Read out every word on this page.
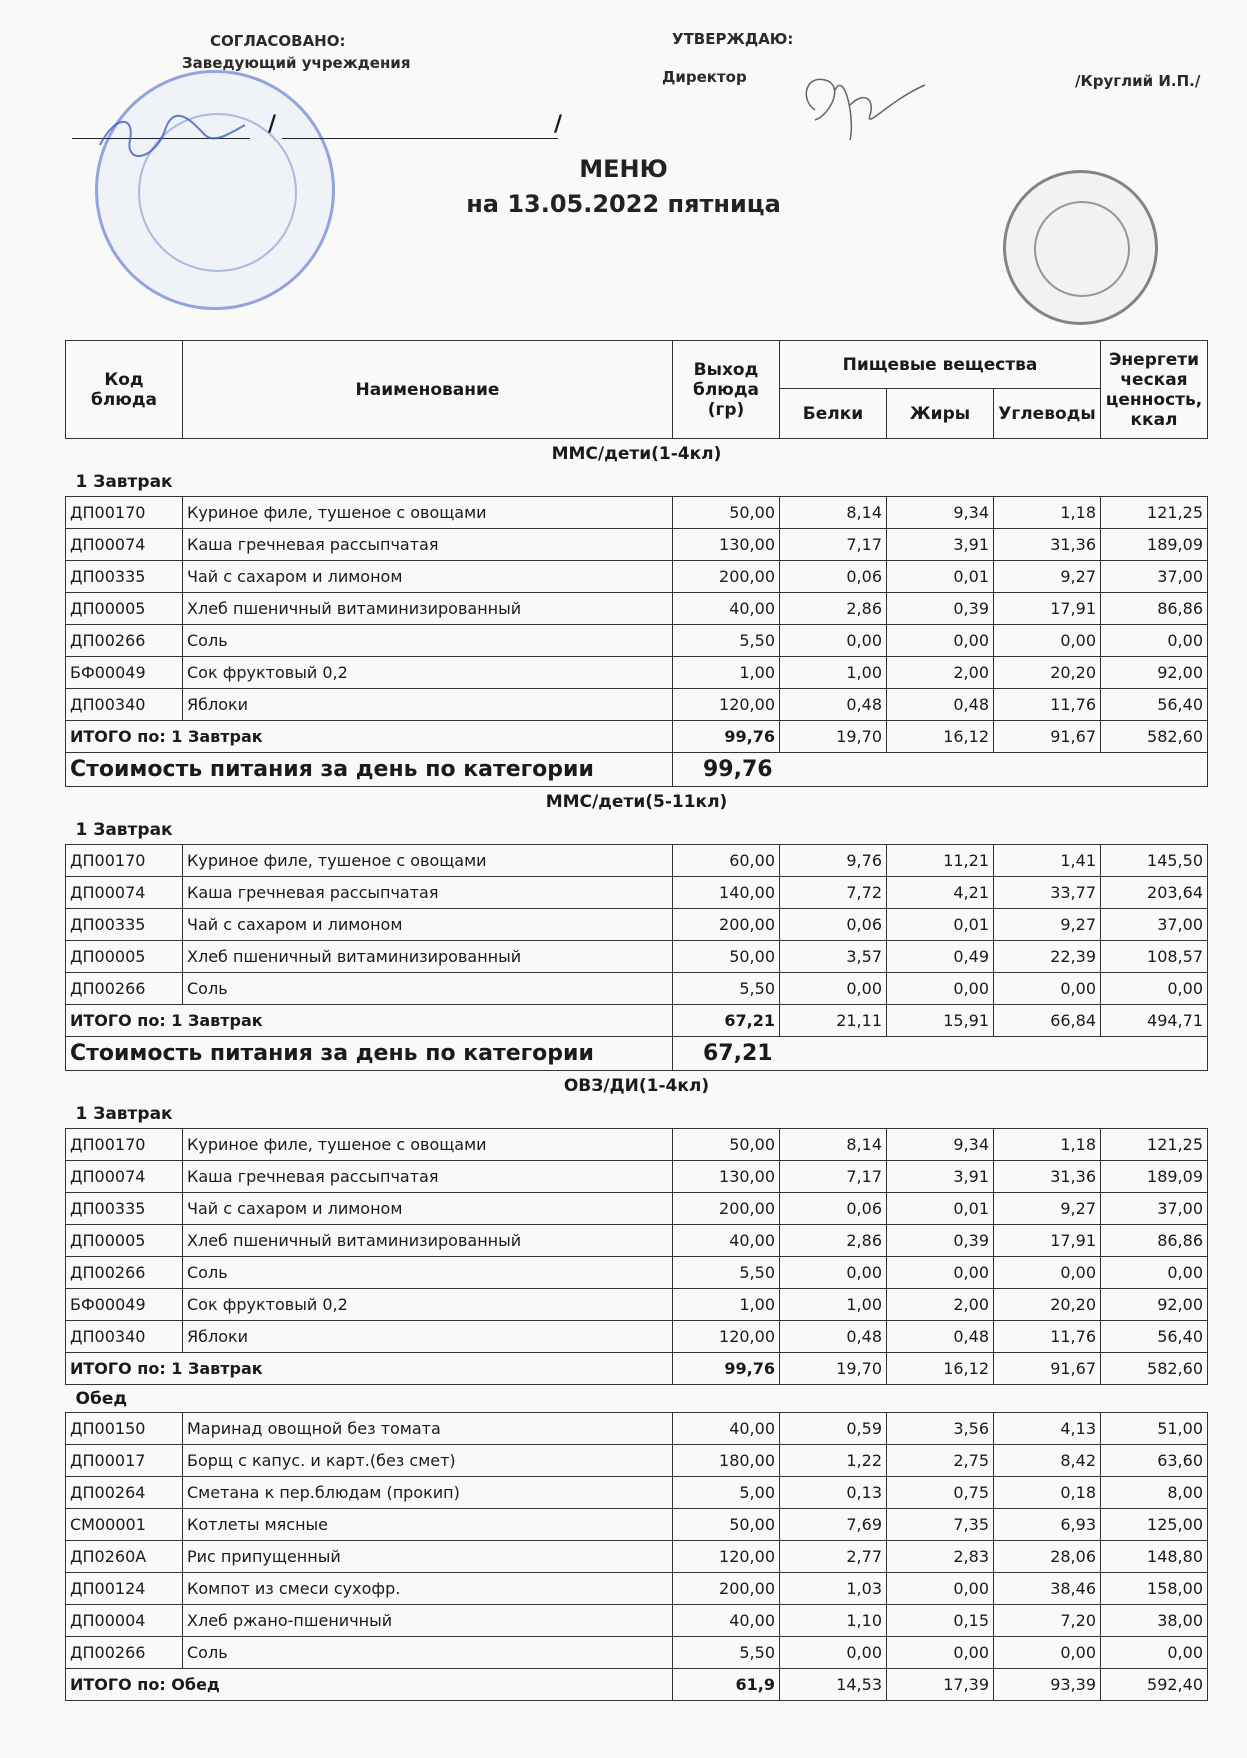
СОГЛАСОВАНО:
Заведующий учреждения
УТВЕРЖДАЮ:
Директор	/Круглий И.П./
/	/
МЕНЮ
на 13.05.2022 пятница
Код блюда	Наименование	Выход блюда (гр)	Пищевые вещества			Энергети ческая ценность, ккал
			Белки	Жиры	Углеводы	
ММС/дети(1-4кл)						
1 Завтрак						
ДП00170	Куриное филе, тушеное с овощами	50,00	8,14	9,34	1,18	121,25
ДП00074	Каша гречневая рассыпчатая	130,00	7,17	3,91	31,36	189,09
ДП00335	Чай с сахаром и лимоном	200,00	0,06	0,01	9,27	37,00
ДП00005	Хлеб пшеничный витаминизированный	40,00	2,86	0,39	17,91	86,86
ДП00266	Соль	5,50	0,00	0,00	0,00	0,00
БФ00049	Сок фруктовый 0,2	1,00	1,00	2,00	20,20	92,00
ДП00340	Яблоки	120,00	0,48	0,48	11,76	56,40
ИТОГО по: 1 Завтрак		99,76	19,70	16,12	91,67	582,60
Стоимость питания за день по категории		99,76				
ММС/дети(5-11кл)						
1 Завтрак						
ДП00170	Куриное филе, тушеное с овощами	60,00	9,76	11,21	1,41	145,50
ДП00074	Каша гречневая рассыпчатая	140,00	7,72	4,21	33,77	203,64
ДП00335	Чай с сахаром и лимоном	200,00	0,06	0,01	9,27	37,00
ДП00005	Хлеб пшеничный витаминизированный	50,00	3,57	0,49	22,39	108,57
ДП00266	Соль	5,50	0,00	0,00	0,00	0,00
ИТОГО по: 1 Завтрак		67,21	21,11	15,91	66,84	494,71
Стоимость питания за день по категории		67,21				
ОВЗ/ДИ(1-4кл)						
1 Завтрак						
ДП00170	Куриное филе, тушеное с овощами	50,00	8,14	9,34	1,18	121,25
ДП00074	Каша гречневая рассыпчатая	130,00	7,17	3,91	31,36	189,09
ДП00335	Чай с сахаром и лимоном	200,00	0,06	0,01	9,27	37,00
ДП00005	Хлеб пшеничный витаминизированный	40,00	2,86	0,39	17,91	86,86
ДП00266	Соль	5,50	0,00	0,00	0,00	0,00
БФ00049	Сок фруктовый 0,2	1,00	1,00	2,00	20,20	92,00
ДП00340	Яблоки	120,00	0,48	0,48	11,76	56,40
ИТОГО по: 1 Завтрак		99,76	19,70	16,12	91,67	582,60
Обед						
ДП00150	Маринад овощной без томата	40,00	0,59	3,56	4,13	51,00
ДП00017	Борщ с капус. и карт.(без смет)	180,00	1,22	2,75	8,42	63,60
ДП00264	Сметана к пер.блюдам (прокип)	5,00	0,13	0,75	0,18	8,00
СМ00001	Котлеты мясные	50,00	7,69	7,35	6,93	125,00
ДП0260А	Рис припущенный	120,00	2,77	2,83	28,06	148,80
ДП00124	Компот из смеси сухофр.	200,00	1,03	0,00	38,46	158,00
ДП00004	Хлеб ржано-пшеничный	40,00	1,10	0,15	7,20	38,00
ДП00266	Соль	5,50	0,00	0,00	0,00	0,00
ИТОГО по: Обед		61,9	14,53	17,39	93,39	592,40
